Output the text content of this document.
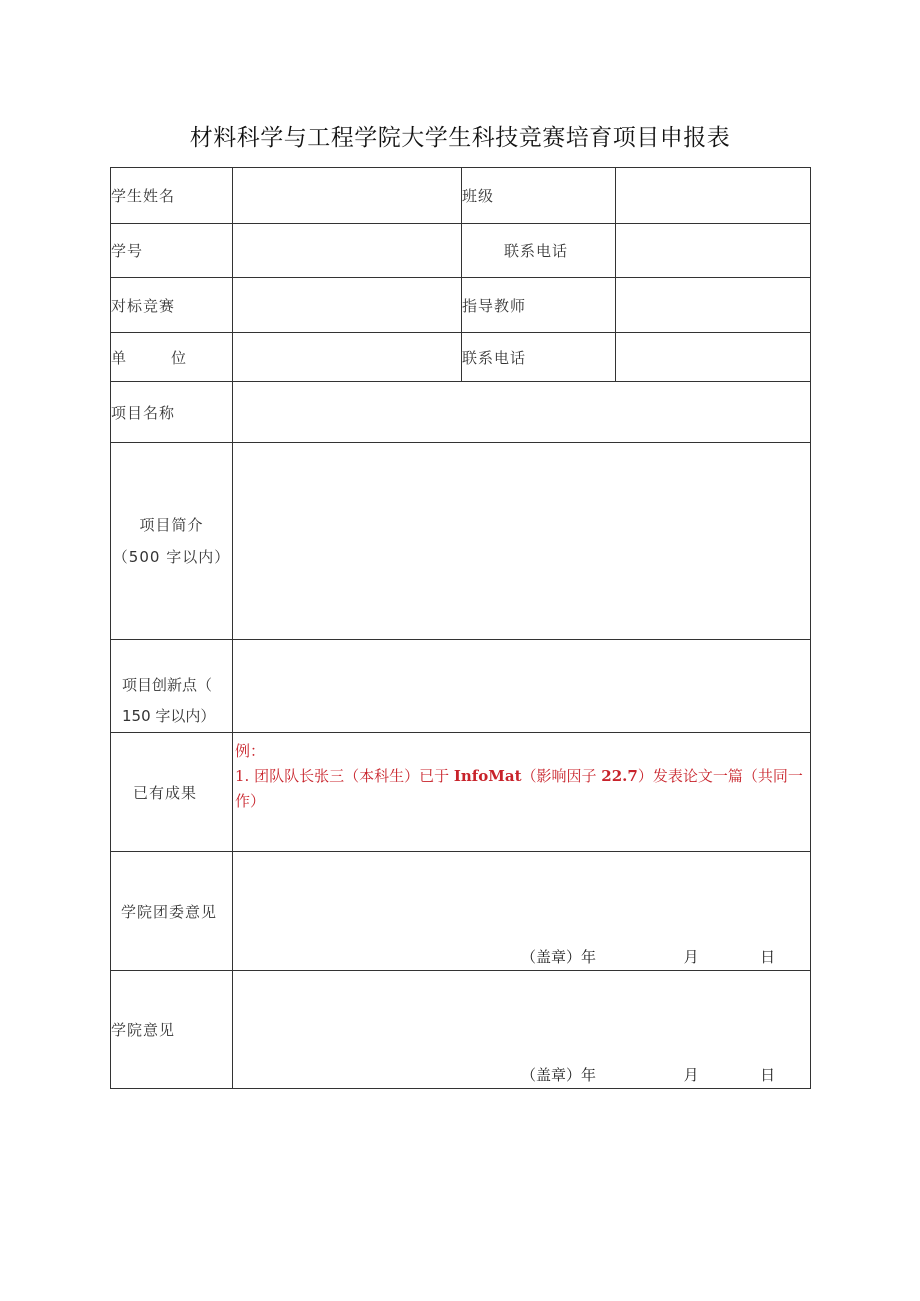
材料科学与工程学院大学生科技竞赛培育项目申报表
学生姓名		班级	
学号		联系电话	
对标竞赛		指导教师	

单 位		联系电话	
项目名称			

项目简介
（500 字以内）			

项目创新点（
150 字以内）			

已有成果	例：
1. 团队队长张三（本科生）已于 InfoMat（影响因子 22.7）发表论文一篇（共同一作）		

学院团委意见	（盖章）年 月 日		

学院意见	（盖章）年 月 日		
